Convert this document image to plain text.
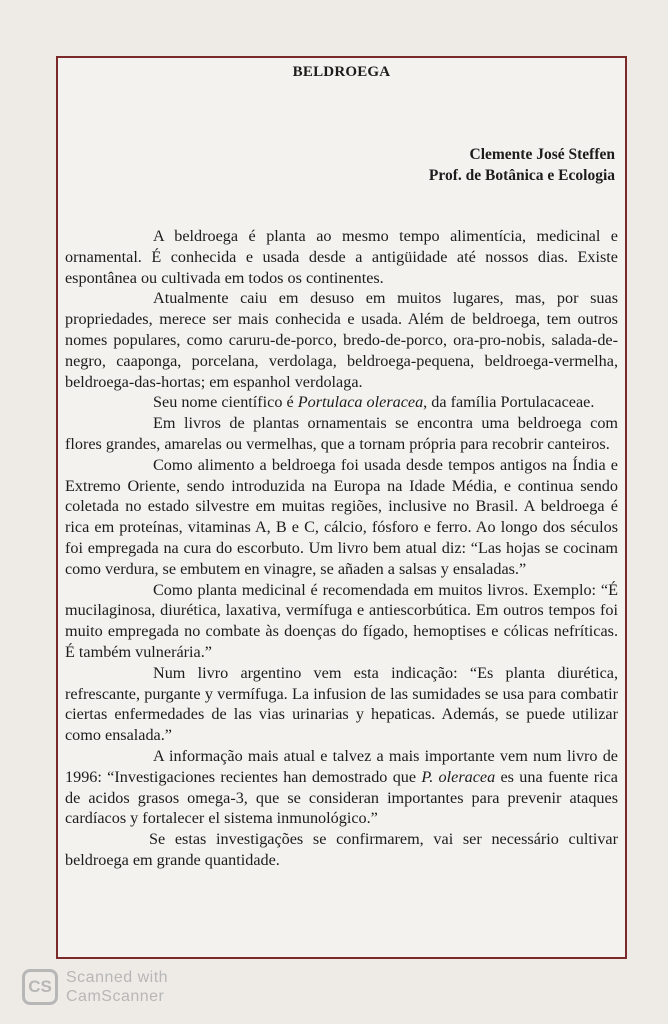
BELDROEGA
Clemente José Steffen
Prof. de Botânica e Ecologia

A beldroega é planta ao mesmo tempo alimentícia, medicinal e ornamental. É conhecida e usada desde a antigüidade até nossos dias. Existe espontânea ou cultivada em todos os continentes.

Atualmente caiu em desuso em muitos lugares, mas, por suas propriedades, merece ser mais conhecida e usada. Além de beldroega, tem outros nomes populares, como caruru-de-porco, bredo-de-porco, ora-pro-nobis, salada-de-negro, caaponga, porcelana, verdolaga, beldroega-pequena, beldroega-vermelha, beldroega-das-hortas; em espanhol verdolaga.

Seu nome científico é Portulaca oleracea, da família Portulacaceae.

Em livros de plantas ornamentais se encontra uma beldroega com flores grandes, amarelas ou vermelhas, que a tornam própria para recobrir canteiros.

Como alimento a beldroega foi usada desde tempos antigos na Índia e Extremo Oriente, sendo introduzida na Europa na Idade Média, e continua sendo coletada no estado silvestre em muitas regiões, inclusive no Brasil. A beldroega é rica em proteínas, vitaminas A, B e C, cálcio, fósforo e ferro. Ao longo dos séculos foi empregada na cura do escorbuto. Um livro bem atual diz: “Las hojas se cocinam como verdura, se embutem en vinagre, se añaden a salsas y ensaladas.”

Como planta medicinal é recomendada em muitos livros. Exemplo: “É mucilaginosa, diurética, laxativa, vermífuga e antiescorbútica. Em outros tempos foi muito empregada no combate às doenças do fígado, hemoptises e cólicas nefríticas. É também vulnerária.”

Num livro argentino vem esta indicação: “Es planta diurética, refrescante, purgante y vermífuga. La infusion de las sumidades se usa para combatir ciertas enfermedades de las vias urinarias y hepaticas. Además, se puede utilizar como ensalada.”

A informação mais atual e talvez a mais importante vem num livro de 1996: “Investigaciones recientes han demostrado que P. oleracea es una fuente rica de acidos grasos omega-3, que se consideran importantes para prevenir ataques cardíacos y fortalecer el sistema inmunológico.”

Se estas investigações se confirmarem, vai ser necessário cultivar beldroega em grande quantidade.

CS Scanned with
CamScanner
